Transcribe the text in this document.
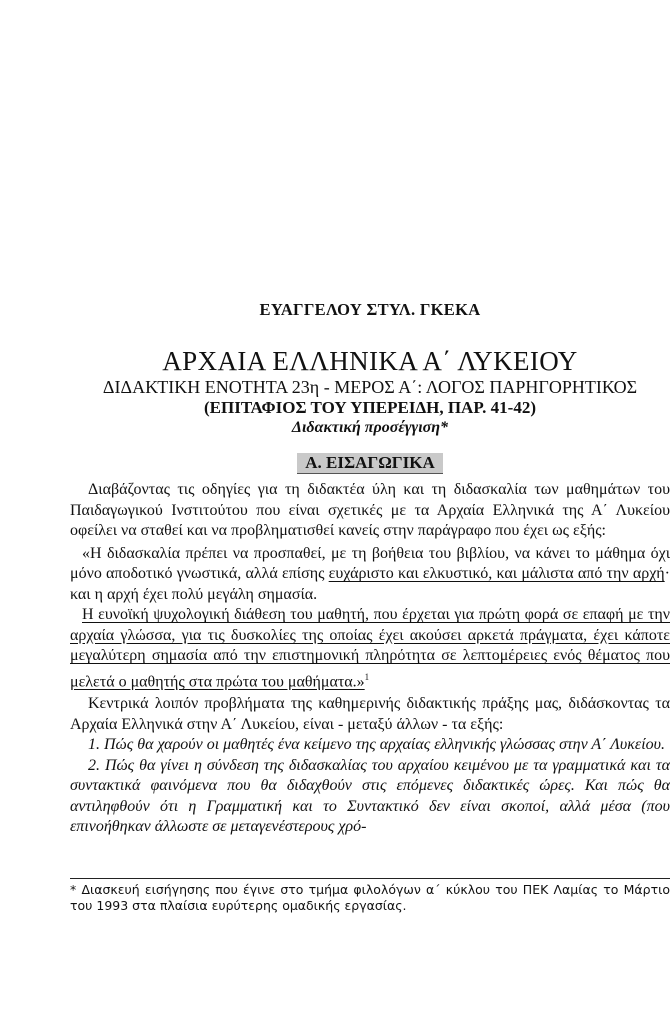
ΕΥΑΓΓΕΛΟΥ ΣΤΥΛ. ΓΚΕΚΑ
ΑΡΧΑΙΑ ΕΛΛΗΝΙΚΑ Α΄ ΛΥΚΕΙΟΥ
ΔΙΔΑΚΤΙΚΗ ΕΝΟΤΗΤΑ 23η - ΜΕΡΟΣ Α΄: ΛΟΓΟΣ ΠΑΡΗΓΟΡΗΤΙΚΟΣ
(ΕΠΙΤΑΦΙΟΣ ΤΟΥ ΥΠΕΡΕΙΔΗ, ΠΑΡ. 41-42)
Διδακτική προσέγγιση*
Α. ΕΙΣΑΓΩΓΙΚΑ

Διαβάζοντας τις οδηγίες για τη διδακτέα ύλη και τη διδασκαλία των μαθημάτων του Παιδαγωγικού Ινστιτούτου που είναι σχετικές με τα Αρχαία Ελληνικά της Α΄ Λυκείου οφείλει να σταθεί και να προβληματισθεί κανείς στην παράγραφο που έχει ως εξής:

«Η διδασκαλία πρέπει να προσπαθεί, με τη βοήθεια του βιβλίου, να κάνει το μάθημα όχι μόνο αποδοτικό γνωστικά, αλλά επίσης ευχάριστο και ελκυστικό, και μάλιστα από την αρχή· και η αρχή έχει πολύ μεγάλη σημασία.

Η ευνοϊκή ψυχολογική διάθεση του μαθητή, που έρχεται για πρώτη φορά σε επαφή με την αρχαία γλώσσα, για τις δυσκολίες της οποίας έχει ακούσει αρκετά πράγματα, έχει κάποτε μεγαλύτερη σημασία από την επιστημονική πληρότητα σε λεπτομέρειες ενός θέματος που μελετά ο μαθητής στα πρώτα του μαθήματα.»$^1$

Κεντρικά λοιπόν προβλήματα της καθημερινής διδακτικής πράξης μας, διδάσκοντας τα Αρχαία Ελληνικά στην Α΄ Λυκείου, είναι - μεταξύ άλλων - τα εξής:

1. Πώς θα χαρούν οι μαθητές ένα κείμενο της αρχαίας ελληνικής γλώσσας στην Α΄ Λυκείου.

2. Πώς θα γίνει η σύνδεση της διδασκαλίας του αρχαίου κειμένου με τα γραμματικά και τα συντακτικά φαινόμενα που θα διδαχθούν στις επόμενες διδακτικές ώρες. Και πώς θα αντιληφθούν ότι η Γραμματική και το Συντακτικό δεν είναι σκοποί, αλλά μέσα (που επινοήθηκαν άλλωστε σε μεταγενέστερους χρό-

* Διασκευή εισήγησης που έγινε στο τμήμα φιλολόγων α΄ κύκλου του ΠΕΚ Λαμίας το Μάρτιο του 1993 στα πλαίσια ευρύτερης ομαδικής εργασίας.
